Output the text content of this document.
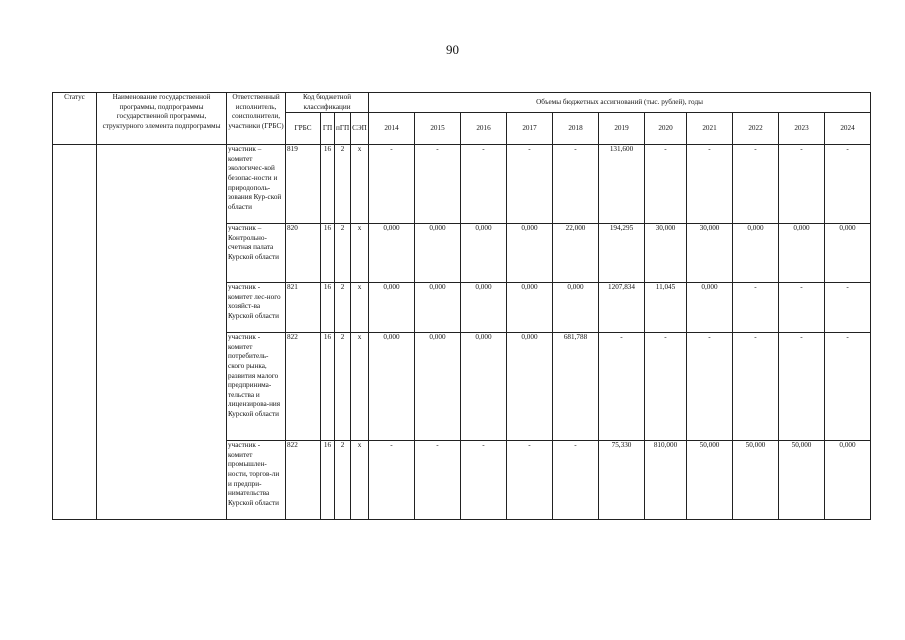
90
Статус	Наименование государственной программы, подпрограммы государственной программы, структурного элемента подпрограммы	Ответственный исполнитель, соисполнители, участники (ГРБС)	Код бюджетной классификации				Объемы бюджетных ассигнований (тыс. рублей), годы										
			ГРБС	ГП	пГП	СЭП	2014	2015	2016	2017	2018	2019	2020	2021	2022	2023	2024
		участник – комитет экологичес-кой безопас-ности и природополь-зования Кур-ской области	819	16	2	х	-	-	-	-	-	131,600	-	-	-	-	-
		участник – Контрольно-счетная палата Курской области	820	16	2	х	0,000	0,000	0,000	0,000	22,000	194,295	30,000	30,000	0,000	0,000	0,000
		участник - комитет лес-ного хозяйст-ва Курской области	821	16	2	х	0,000	0,000	0,000	0,000	0,000	1207,834	11,045	0,000	-	-	-
		участник - комитет потребитель-ского рынка, развития малого предпринима-тельства и лицензирова-ния Курской области	822	16	2	х	0,000	0,000	0,000	0,000	681,788	-	-	-	-	-	-
		участник - комитет промышлен-ности, торгов-ли и предпри-нимательства Курской области	822	16	2	х	-	-	-	-	-	75,330	810,000	50,000	50,000	50,000	0,000
